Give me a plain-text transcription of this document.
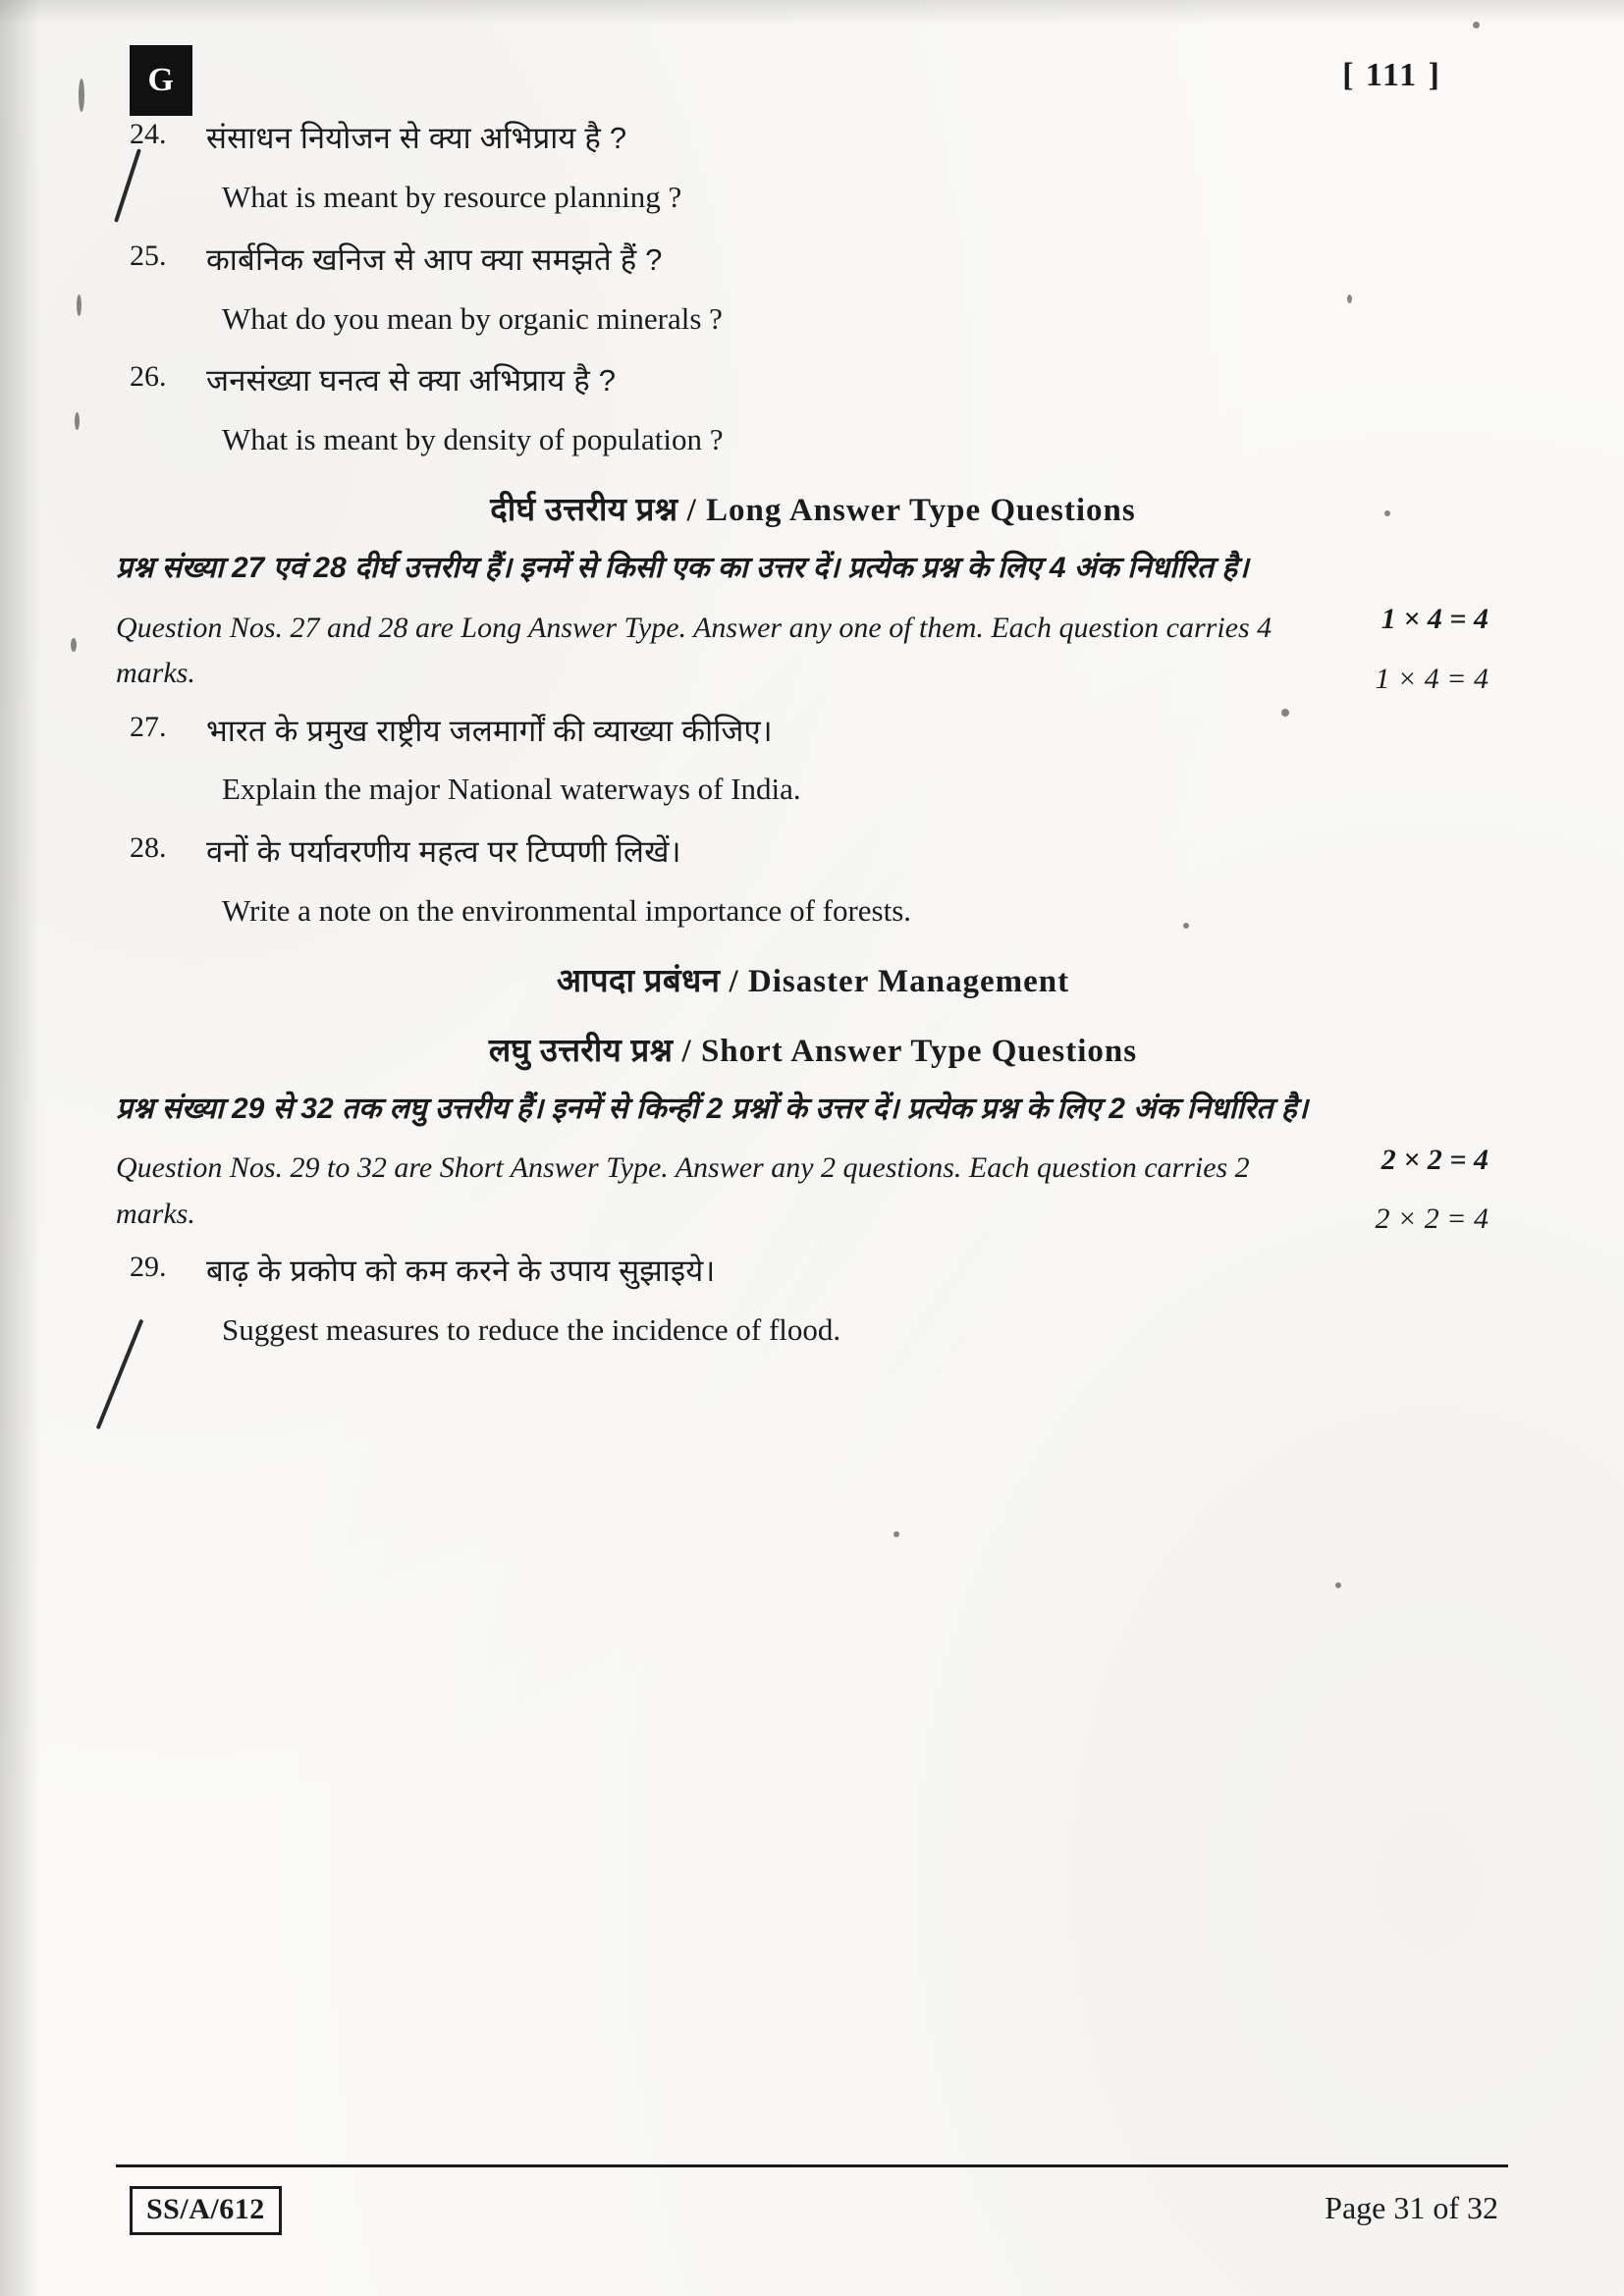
G	[ 111 ]
24.	संसाधन नियोजन से क्या अभिप्राय है ?
What is meant by resource planning ?
25.	कार्बनिक खनिज से आप क्या समझते हैं ?
What do you mean by organic minerals ?
26.	जनसंख्या घनत्व से क्या अभिप्राय है ?
What is meant by density of population ?
दीर्घ उत्तरीय प्रश्न / Long Answer Type Questions
प्रश्न संख्या 27 एवं 28 दीर्घ उत्तरीय हैं। इनमें से किसी एक का उत्तर दें। प्रत्येक प्रश्न के लिए 4 अंक निर्धारित है।
1 × 4 = 4
Question Nos. 27 and 28 are Long Answer Type. Answer any one of them. Each question carries 4 marks.	1 × 4 = 4
27.	भारत के प्रमुख राष्ट्रीय जलमार्गों की व्याख्या कीजिए।
Explain the major National waterways of India.
28.	वनों के पर्यावरणीय महत्व पर टिप्पणी लिखें।
Write a note on the environmental importance of forests.
आपदा प्रबंधन / Disaster Management
लघु उत्तरीय प्रश्न / Short Answer Type Questions
प्रश्न संख्या 29 से 32 तक लघु उत्तरीय हैं। इनमें से किन्हीं 2 प्रश्नों के उत्तर दें। प्रत्येक प्रश्न के लिए 2 अंक निर्धारित है।
2 × 2 = 4
Question Nos. 29 to 32 are Short Answer Type. Answer any 2 questions. Each question carries 2 marks.	2 × 2 = 4
29.	बाढ़ के प्रकोप को कम करने के उपाय सुझाइये।
Suggest measures to reduce the incidence of flood.
SS/A/612	Page 31 of 32
